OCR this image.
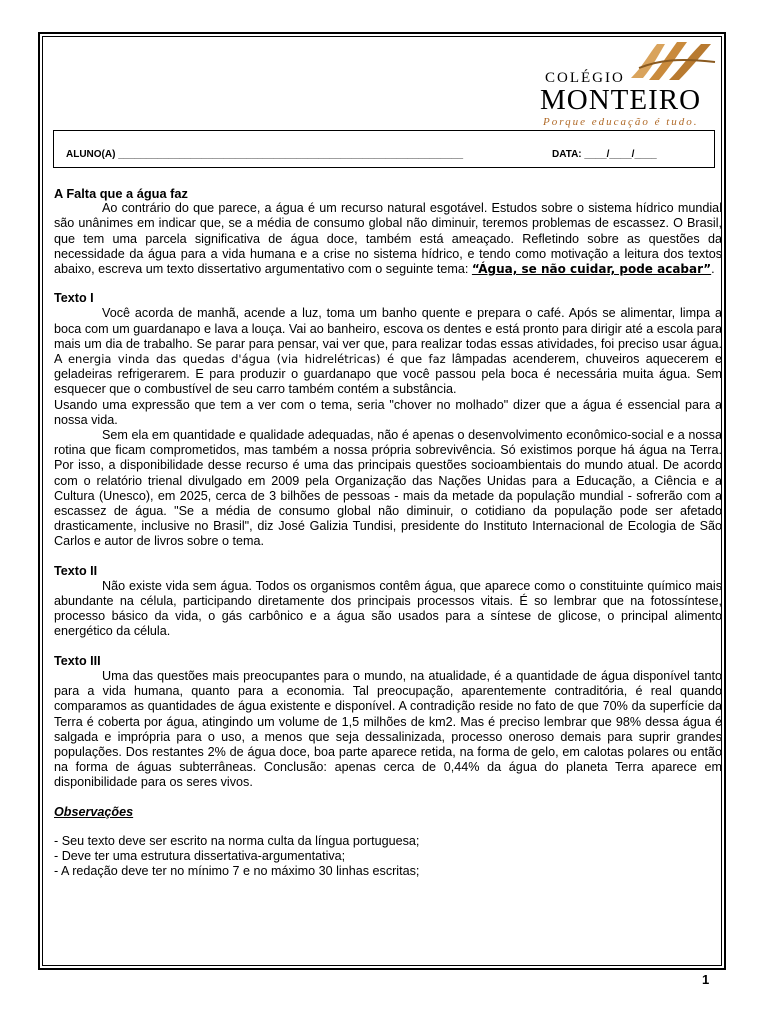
COLÉGIO
MONTEIRO
Porque educação é tudo.
ALUNO(A) ______________________________________________________________	DATA: ____/____/____

A Falta que a água faz

Ao contrário do que parece, a água é um recurso natural esgotável. Estudos sobre o sistema hídrico mundial são unânimes em indicar que, se a média de consumo global não diminuir, teremos problemas de escassez. O Brasil, que tem uma parcela significativa de água doce, também está ameaçado. Refletindo sobre as questões da necessidade da água para a vida humana e a crise no sistema hídrico, e tendo como motivação a leitura dos textos abaixo, escreva um texto dissertativo argumentativo com o seguinte tema: “Água, se não cuidar, pode acabar”.

Texto I

Você acorda de manhã, acende a luz, toma um banho quente e prepara o café. Após se alimentar, limpa a boca com um guardanapo e lava a louça. Vai ao banheiro, escova os dentes e está pronto para dirigir até a escola para mais um dia de trabalho. Se parar para pensar, vai ver que, para realizar todas essas atividades, foi preciso usar água. A energia vinda das quedas d'água (via hidrelétricas) é que faz lâmpadas acenderem, chuveiros aquecerem e geladeiras refrigerarem. E para produzir o guardanapo que você passou pela boca é necessária muita água. Sem esquecer que o combustível de seu carro também contém a substância.

Usando uma expressão que tem a ver com o tema, seria "chover no molhado" dizer que a água é essencial para a nossa vida.

Sem ela em quantidade e qualidade adequadas, não é apenas o desenvolvimento econômico-social e a nossa rotina que ficam comprometidos, mas também a nossa própria sobrevivência. Só existimos porque há água na Terra. Por isso, a disponibilidade desse recurso é uma das principais questões socioambientais do mundo atual. De acordo com o relatório trienal divulgado em 2009 pela Organização das Nações Unidas para a Educação, a Ciência e a Cultura (Unesco), em 2025, cerca de 3 bilhões de pessoas - mais da metade da população mundial - sofrerão com a escassez de água. "Se a média de consumo global não diminuir, o cotidiano da população pode ser afetado drasticamente, inclusive no Brasil", diz José Galizia Tundisi, presidente do Instituto Internacional de Ecologia de São Carlos e autor de livros sobre o tema.

Texto II

Não existe vida sem água. Todos os organismos contêm água, que aparece como o constituinte químico mais abundante na célula, participando diretamente dos principais processos vitais. É so lembrar que na fotossíntese, processo básico da vida, o gás carbônico e a água são usados para a síntese de glicose, o principal alimento energético da célula.

Texto III

Uma das questões mais preocupantes para o mundo, na atualidade, é a quantidade de água disponível tanto para a vida humana, quanto para a economia. Tal preocupação, aparentemente contraditória, é real quando comparamos as quantidades de água existente e disponível. A contradição reside no fato de que 70% da superfície da Terra é coberta por água, atingindo um volume de 1,5 milhões de km2. Mas é preciso lembrar que 98% dessa água é salgada e imprópria para o uso, a menos que seja dessalinizada, processo oneroso demais para suprir grandes populações. Dos restantes 2% de água doce, boa parte aparece retida, na forma de gelo, em calotas polares ou então na forma de águas subterrâneas. Conclusão: apenas cerca de 0,44% da água do planeta Terra aparece em disponibilidade para os seres vivos.

Observações

- Seu texto deve ser escrito na norma culta da língua portuguesa;

- Deve ter uma estrutura dissertativa-argumentativa;

- A redação deve ter no mínimo 7 e no máximo 30 linhas escritas;

1
